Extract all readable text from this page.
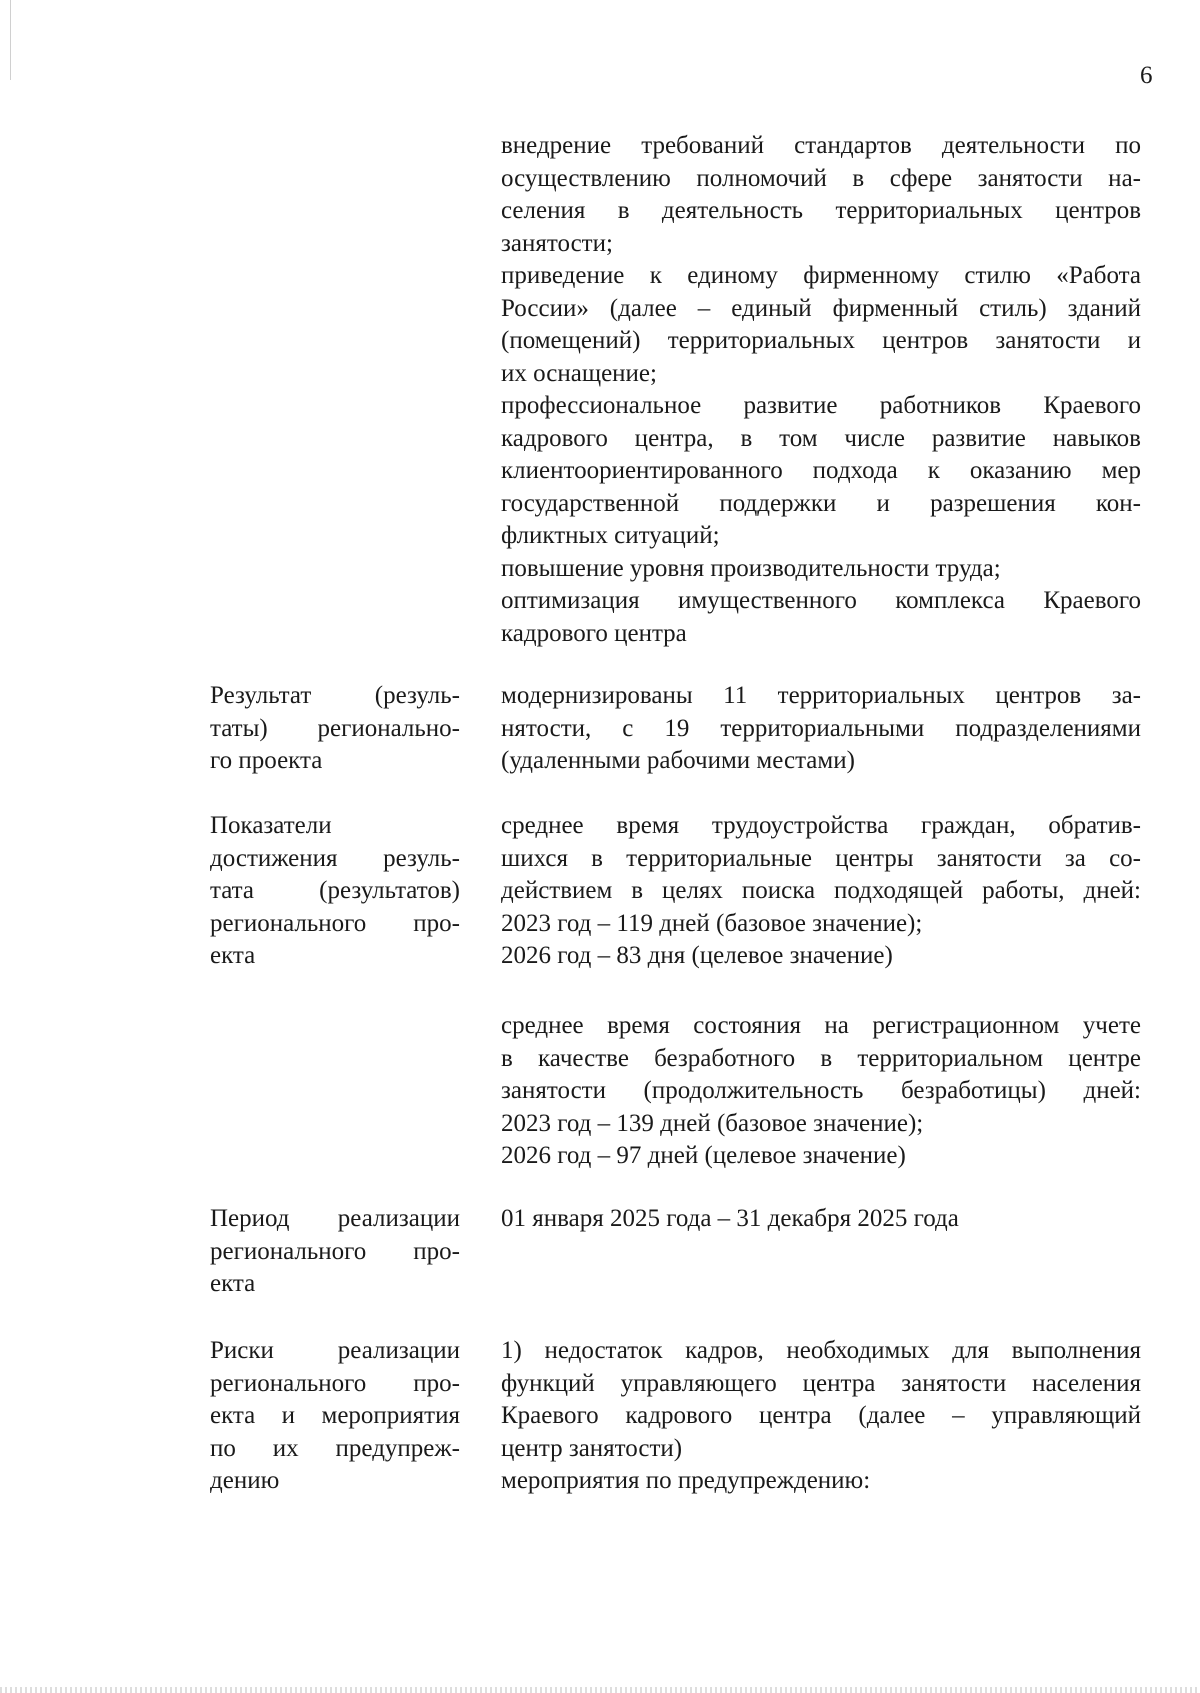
6
внедрение требований стандартов деятельности по
осуществлению полномочий в сфере занятости на-
селения в деятельность территориальных центров
занятости;
приведение к единому фирменному стилю «Работа
России» (далее – единый фирменный стиль) зданий
(помещений) территориальных центров занятости и
их оснащение;
профессиональное развитие работников Краевого
кадрового центра, в том числе развитие навыков
клиентоориентированного подхода к оказанию мер
государственной поддержки и разрешения кон-
фликтных ситуаций;
повышение уровня производительности труда;
оптимизация имущественного комплекса Краевого
кадрового центра
Результат (резуль-
таты) регионально-
го проекта
модернизированы 11 территориальных центров за-
нятости, с 19 территориальными подразделениями
(удаленными рабочими местами)
Показатели
достижения резуль-
тата (результатов)
регионального про-
екта
среднее время трудоустройства граждан, обратив-
шихся в территориальные центры занятости за со-
действием в целях поиска подходящей работы, дней:
2023 год – 119 дней (базовое значение);
2026 год – 83 дня (целевое значение)
среднее время состояния на регистрационном учете
в качестве безработного в территориальном центре
занятости (продолжительность безработицы) дней:
2023 год – 139 дней (базовое значение);
2026 год – 97 дней (целевое значение)
Период реализации
регионального про-
екта
01 января 2025 года – 31 декабря 2025 года
Риски реализации
регионального про-
екта и мероприятия
по их предупреж-
дению
1) недостаток кадров, необходимых для выполнения
функций управляющего центра занятости населения
Краевого кадрового центра (далее – управляющий
центр занятости)
мероприятия по предупреждению:
